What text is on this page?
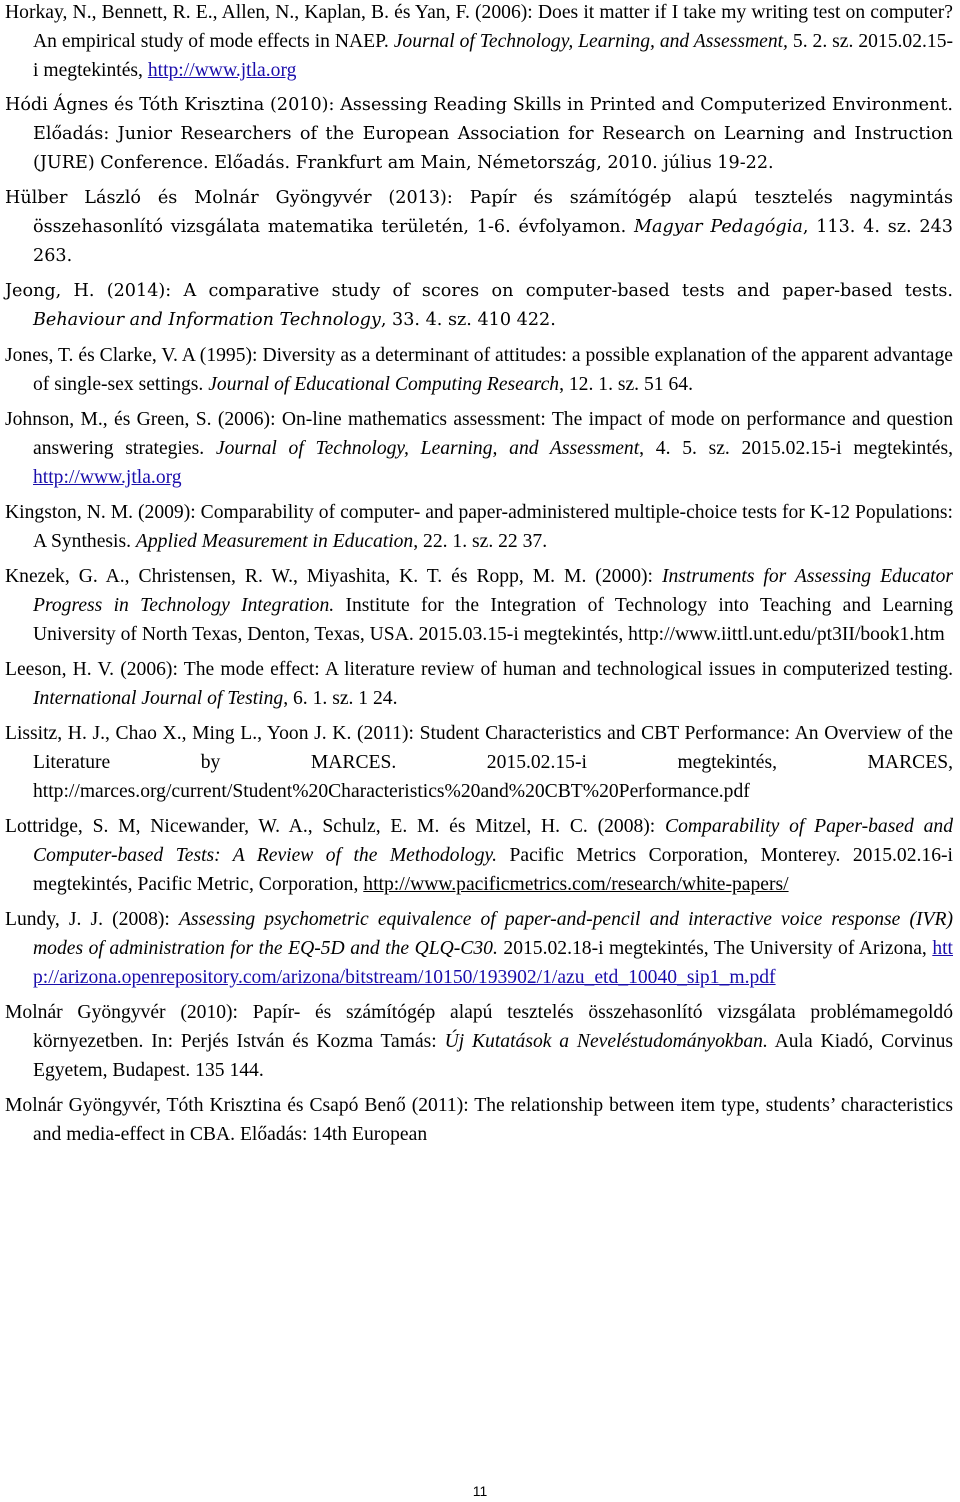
Horkay, N., Bennett, R. E., Allen, N., Kaplan, B. és Yan, F. (2006): Does it matter if I take my writing test on computer? An empirical study of mode effects in NAEP. Journal of Technology, Learning, and Assessment, 5. 2. sz. 2015.02.15-i megtekintés, http://www.jtla.org

Hódi Ágnes és Tóth Krisztina (2010): Assessing Reading Skills in Printed and Computerized Environment. Előadás: Junior Researchers of the European Association for Research on Learning and Instruction (JURE) Conference. Előadás. Frankfurt am Main, Németország, 2010. július 19-22.

Hülber László és Molnár Gyöngyvér (2013): Papír és számítógép alapú tesztelés nagymintás összehasonlító vizsgálata matematika területén, 1-6. évfolyamon. Magyar Pedagógia, 113. 4. sz. 243 263.

Jeong, H. (2014): A comparative study of scores on computer-based tests and paper-based tests. Behaviour and Information Technology, 33. 4. sz. 410 422.

Jones, T. és Clarke, V. A (1995): Diversity as a determinant of attitudes: a possible explanation of the apparent advantage of single-sex settings. Journal of Educational Computing Research, 12. 1. sz. 51 64.

Johnson, M., és Green, S. (2006): On-line mathematics assessment: The impact of mode on performance and question answering strategies. Journal of Technology, Learning, and Assessment, 4. 5. sz. 2015.02.15-i megtekintés, http://www.jtla.org

Kingston, N. M. (2009): Comparability of computer- and paper-administered multiple-choice tests for K-12 Populations: A Synthesis. Applied Measurement in Education, 22. 1. sz. 22 37.

Knezek, G. A., Christensen, R. W., Miyashita, K. T. és Ropp, M. M. (2000): Instruments for Assessing Educator Progress in Technology Integration. Institute for the Integration of Technology into Teaching and Learning University of North Texas, Denton, Texas, USA. 2015.03.15-i megtekintés, http://www.iittl.unt.edu/pt3II/book1.htm

Leeson, H. V. (2006): The mode effect: A literature review of human and technological issues in computerized testing. International Journal of Testing, 6. 1. sz. 1 24.

Lissitz, H. J., Chao X., Ming L., Yoon J. K. (2011): Student Characteristics and CBT Performance: An Overview of the Literature by MARCES. 2015.02.15-i megtekintés, MARCES, http://marces.org/current/Student%20Characteristics%20and%20CBT%20Performance.pdf

Lottridge, S. M, Nicewander, W. A., Schulz, E. M. és Mitzel, H. C. (2008): Comparability of Paper-based and Computer-based Tests: A Review of the Methodology. Pacific Metrics Corporation, Monterey. 2015.02.16-i megtekintés, Pacific Metric, Corporation, http://www.pacificmetrics.com/research/white-papers/

Lundy, J. J. (2008): Assessing psychometric equivalence of paper-and-pencil and interactive voice response (IVR) modes of administration for the EQ-5D and the QLQ-C30. 2015.02.18-i megtekintés, The University of Arizona, http://arizona.openrepository.com/arizona/bitstream/10150/193902/1/azu_etd_10040_sip1_m.pdf

Molnár Gyöngyvér (2010): Papír- és számítógép alapú tesztelés összehasonlító vizsgálata problémamegoldó környezetben. In: Perjés István és Kozma Tamás: Új Kutatások a Neveléstudományokban. Aula Kiadó, Corvinus Egyetem, Budapest. 135 144.

Molnár Gyöngyvér, Tóth Krisztina és Csapó Benő (2011): The relationship between item type, students’ characteristics and media-effect in CBA. Előadás: 14th European

11
